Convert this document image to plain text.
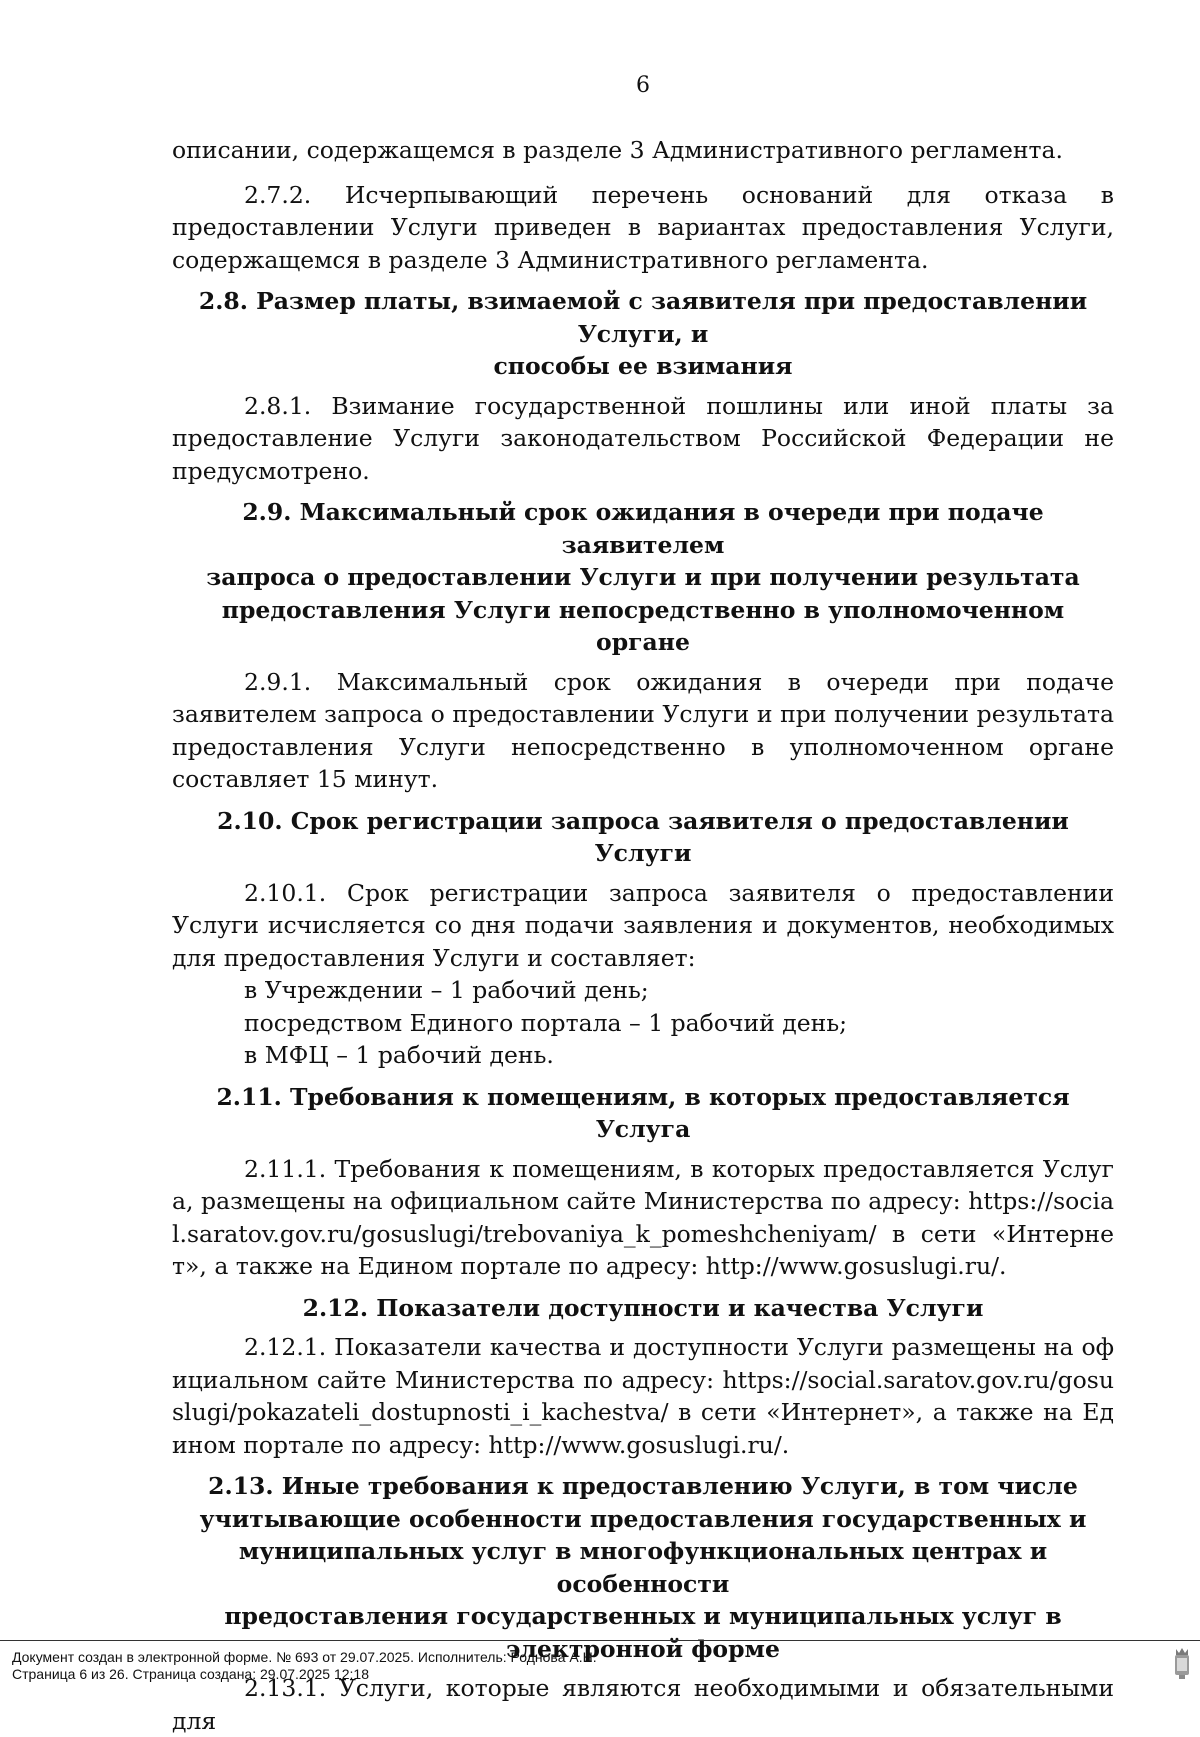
6

описании, содержащемся в разделе 3 Административного регламента.

2.7.2. Исчерпывающий перечень оснований для отказа в предоставлении Услуги приведен в вариантах предоставления Услуги, содержащемся в разделе 3 Административного регламента.

2.8. Размер платы, взимаемой с заявителя при предоставлении Услуги, и
способы ее взимания

2.8.1. Взимание государственной пошлины или иной платы за предоставление Услуги законодательством Российской Федерации не предусмотрено.

2.9. Максимальный срок ожидания в очереди при подаче заявителем
запроса о предоставлении Услуги и при получении результата
предоставления Услуги непосредственно в уполномоченном органе

2.9.1. Максимальный срок ожидания в очереди при подаче заявителем запроса о предоставлении Услуги и при получении результата предоставления Услуги непосредственно в уполномоченном органе составляет 15 минут.

2.10. Срок регистрации запроса заявителя о предоставлении Услуги

2.10.1. Срок регистрации запроса заявителя о предоставлении Услуги исчисляется со дня подачи заявления и документов, необходимых для предоставления Услуги и составляет:

в Учреждении – 1 рабочий день;

посредством Единого портала – 1 рабочий день;

в МФЦ – 1 рабочий день.

2.11. Требования к помещениям, в которых предоставляется Услуга

2.11.1. Требования к помещениям, в которых предоставляется Услуга, размещены на официальном сайте Министерства по адресу: https://social.saratov.gov.ru/gosuslugi/trebovaniya_k_pomeshcheniyam/ в сети «Интернет», а также на Едином портале по адресу: http://www.gosuslugi.ru/.

2.12. Показатели доступности и качества Услуги

2.12.1. Показатели качества и доступности Услуги размещены на официальном сайте Министерства по адресу: https://social.saratov.gov.ru/gosuslugi/pokazateli_dostupnosti_i_kachestva/ в сети «Интернет», а также на Едином портале по адресу: http://www.gosuslugi.ru/.

2.13. Иные требования к предоставлению Услуги, в том числе
учитывающие особенности предоставления государственных и
муниципальных услуг в многофункциональных центрах и особенности
предоставления государственных и муниципальных услуг в
электронной форме

2.13.1. Услуги, которые являются необходимыми и обязательными для

Документ создан в электронной форме. № 693 от 29.07.2025. Исполнитель: Роднова А.Н.
Страница 6 из 26. Страница создана: 29.07.2025 12:18
